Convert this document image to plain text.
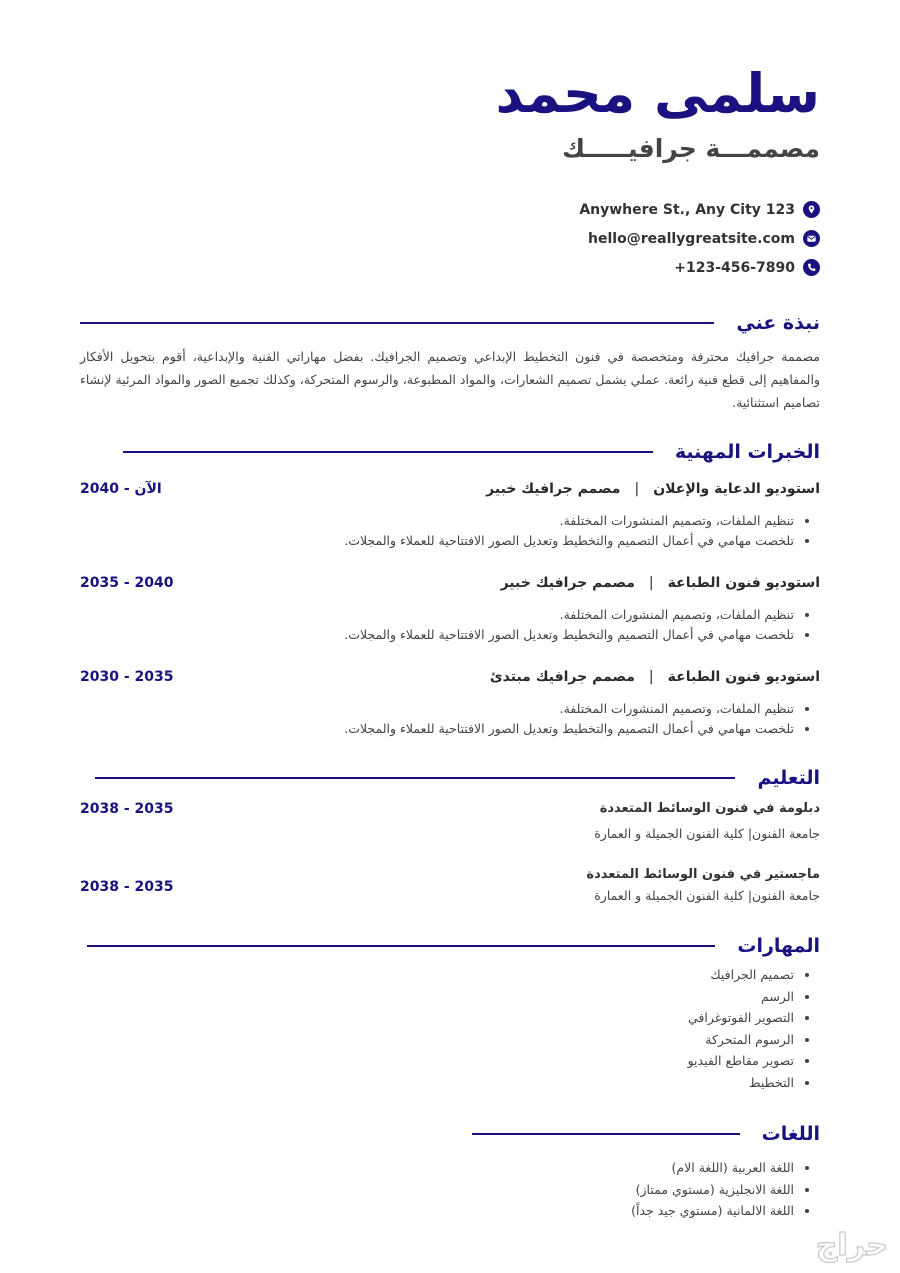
سلمى محمد
مصممـــة جرافيـــــك
Anywhere St., Any City 123
hello@reallygreatsite.com
+123-456-7890
نبذة عني
مصممة جرافيك محترفة ومتخصصة في فنون التخطيط الإبداعي وتصميم الجرافيك. بفضل مهاراتي الفنية والإبداعية، أقوم بتحويل الأفكار والمفاهيم إلى قطع فنية رائعة. عملي يشمل تصميم الشعارات، والمواد المطبوعة، والرسوم المتحركة، وكذلك تجميع الصور والمواد المرئية لإنشاء تصاميم استثنائية.
الخبرات المهنية
2040 - الآن	استوديو الدعاية والإعلان|مصمم جرافيك خبير
• تنظيم الملفات، وتصميم المنشورات المختلفة.
• تلخصت مهامي في أعمال التصميم والتخطيط وتعديل الصور الافتتاحية للعملاء والمجلات.
2035 - 2040	استوديو فنون الطباعة|مصمم جرافيك خبير
• تنظيم الملفات، وتصميم المنشورات المختلفة.
• تلخصت مهامي في أعمال التصميم والتخطيط وتعديل الصور الافتتاحية للعملاء والمجلات.
2030 - 2035	استوديو فنون الطباعة|مصمم جرافيك مبتدئ
• تنظيم الملفات، وتصميم المنشورات المختلفة.
• تلخصت مهامي في أعمال التصميم والتخطيط وتعديل الصور الافتتاحية للعملاء والمجلات.
التعليم
دبلومة في فنون الوسائط المتعددة
2038 - 2035
جامعة الفنون| كلية الفنون الجميلة و العمارة
ماجستير في فنون الوسائط المتعددة
2038 - 2035
جامعة الفنون| كلية الفنون الجميلة و العمارة
المهارات
• تصميم الجرافيك
• الرسم
• التصوير الفوتوغرافي
• الرسوم المتحركة
• تصوير مقاطع الفيديو
• التخطيط
اللغات
• اللغة العربية (اللغة الام)
• اللغة الانجليزية (مستوي ممتاز)
• اللغة الالمانية (مستوي جيد جداً)
حراج
